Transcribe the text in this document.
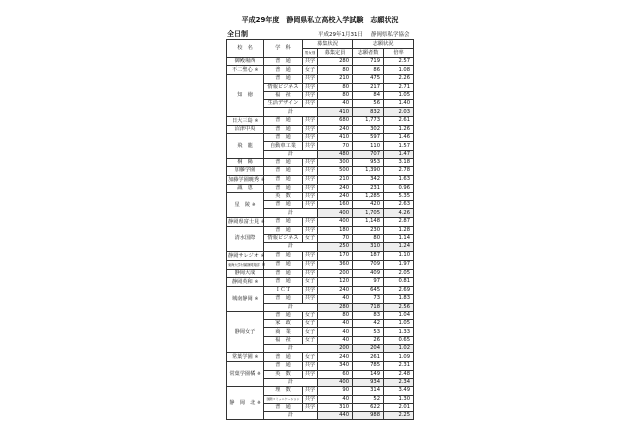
平成29年度　静岡県私立高校入学試験　志願状況
全日制	平成29年1月31日 静岡県私学協会
校　名	学　科	募集状況		志願状況	
		男女別	募集定員	志願者数	倍率
御殿場西	普　通	共学	280	719	2.57
不二聖心 ※	普　通	女子	80	86	1.08
知　徳	普　通	共学	210	475	2.26
	情報ビジネス	共学	80	217	2.71
	福　祉	共学	80	84	1.05
	生活デザイン	共学	40	56	1.40
	計		410	832	2.03
日大三島 ※	普　通	共学	680	1,773	2.61
沼津中央	普　通	共学	240	302	1.26
飛　龍	普　通	共学	410	597	1.46
	自動車工業	共学	70	110	1.57
	計		480	707	1.47
桐　陽	普　通	共学	300	953	3.18
加藤学園	普　通	共学	500	1,390	2.78
加藤学園暁秀 ※	普　通	共学	210	342	1.63
誠　恵	普　通	共学	240	231	0.96
星　陵 ※	英　数	共学	240	1,285	5.35
	普　通	共学	160	420	2.63
	計		400	1,705	4.26
静岡県富士見 ※	普　通	共学	400	1,148	2.87
清水国際	普　通	共学	180	230	1.28
	情報ビジネス	女子	70	80	1.14
	計		250	310	1.24
静岡サレジオ ※	普　通	共学	170	187	1.10
東海大学付属静岡翔洋 ※	普　通	共学	360	709	1.97
静岡大成	普　通	共学	200	409	2.05
静岡英和 ※	普　通	女子	120	97	0.81
城南静岡 ※	ＩＣＴ	共学	240	645	2.69
	普　通	共学	40	73	1.83
	計		280	718	2.56
静岡女子	普　通	女子	80	83	1.04
	家　政	女子	40	42	1.05
	商　業	女子	40	53	1.33
	福　祉	女子	40	26	0.65
	計		200	204	1.02
常葉学園 ※	普　通	女子	240	261	1.09
常葉学園橘 ※	普　通	共学	340	785	2.31
	英　数	共学	60	149	2.48
	計		400	934	2.34
静　岡　北 ※	理　数	共学	90	314	3.49
	国際コミュニケーション	共学	40	52	1.30
	普　通	共学	310	622	2.01
	計		440	988	2.25
